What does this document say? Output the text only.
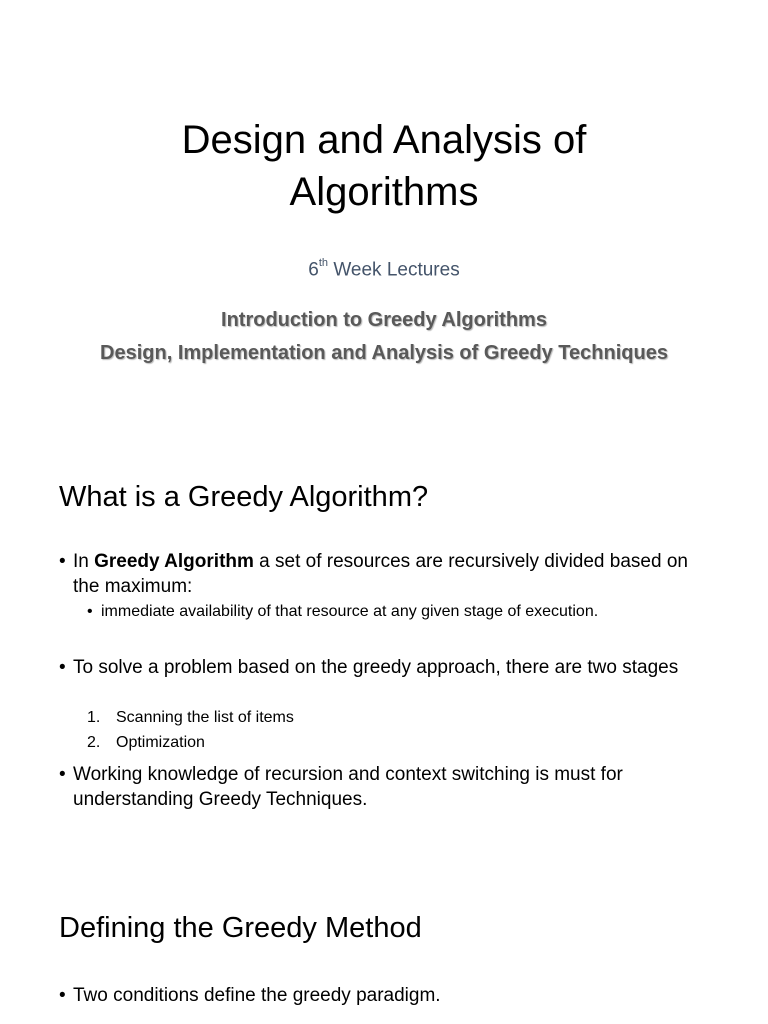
Design and Analysis of
Algorithms
6th Week Lectures
Introduction to Greedy Algorithms
Design, Implementation and Analysis of Greedy Techniques
What is a Greedy Algorithm?
• In Greedy Algorithm a set of resources are recursively divided based on the maximum:
• immediate availability of that resource at any given stage of execution.
• To solve a problem based on the greedy approach, there are two stages
1. Scanning the list of items
2. Optimization
• Working knowledge of recursion and context switching is must for understanding Greedy Techniques.
Defining the Greedy Method
• Two conditions define the greedy paradigm.
